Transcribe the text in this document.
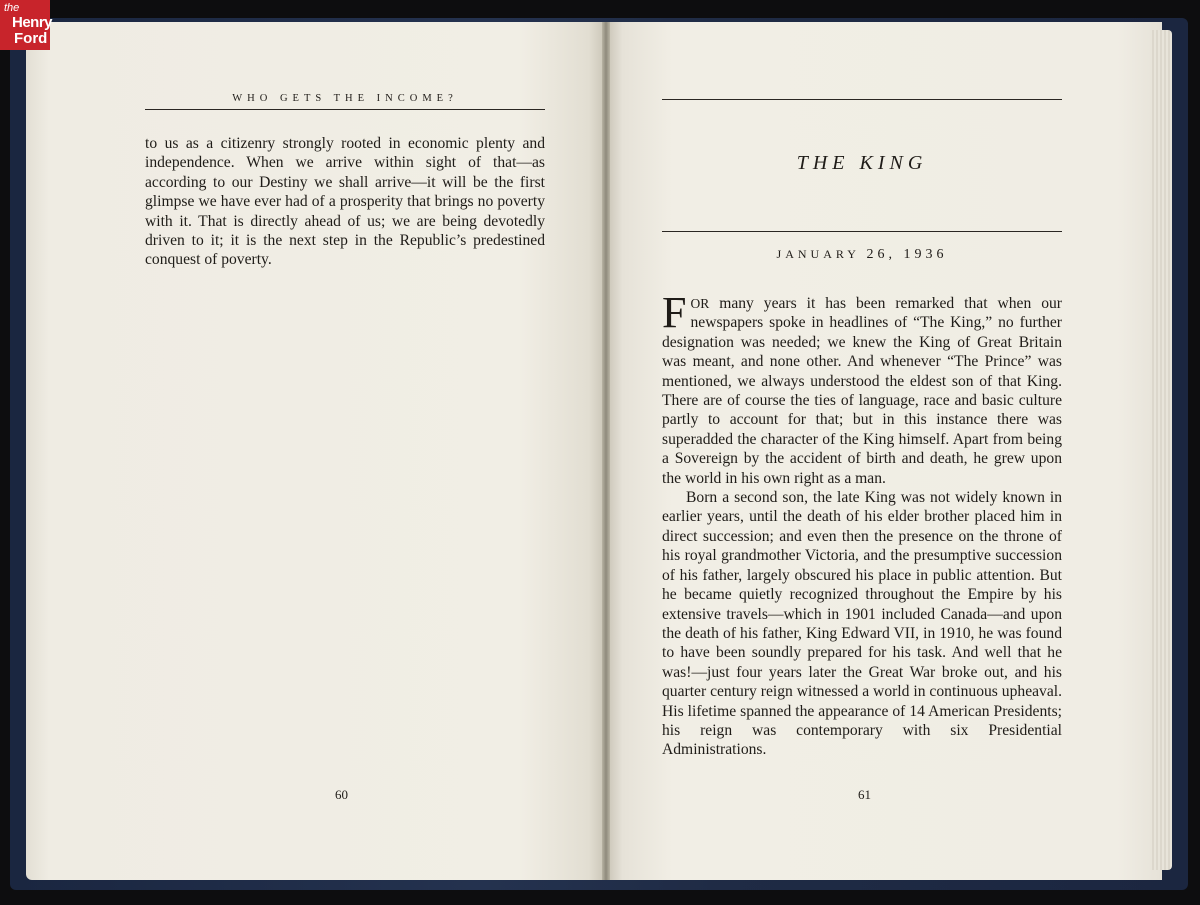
the
Henry
Ford
WHO GETS THE INCOME?

to us as a citizenry strongly rooted in economic plenty and independence. When we arrive within sight of that—as according to our Destiny we shall arrive—it will be the first glimpse we have ever had of a prosperity that brings no poverty with it. That is directly ahead of us; we are being devotedly driven to it; it is the next step in the Republic’s predestined conquest of poverty.

60
THE KING
JANUARY 26, 1936

FOR many years it has been remarked that when our newspapers spoke in headlines of “The King,” no further designation was needed; we knew the King of Great Britain was meant, and none other. And whenever “The Prince” was mentioned, we always understood the eldest son of that King. There are of course the ties of language, race and basic culture partly to account for that; but in this instance there was superadded the character of the King himself. Apart from being a Sovereign by the accident of birth and death, he grew upon the world in his own right as a man.

Born a second son, the late King was not widely known in earlier years, until the death of his elder brother placed him in direct succession; and even then the presence on the throne of his royal grandmother Victoria, and the presumptive succession of his father, largely obscured his place in public attention. But he became quietly recognized throughout the Empire by his extensive travels—which in 1901 included Canada—and upon the death of his father, King Edward VII, in 1910, he was found to have been soundly prepared for his task. And well that he was!—just four years later the Great War broke out, and his quarter century reign witnessed a world in continuous upheaval. His lifetime spanned the appearance of 14 American Presidents; his reign was contemporary with six Presidential Administrations.

61
